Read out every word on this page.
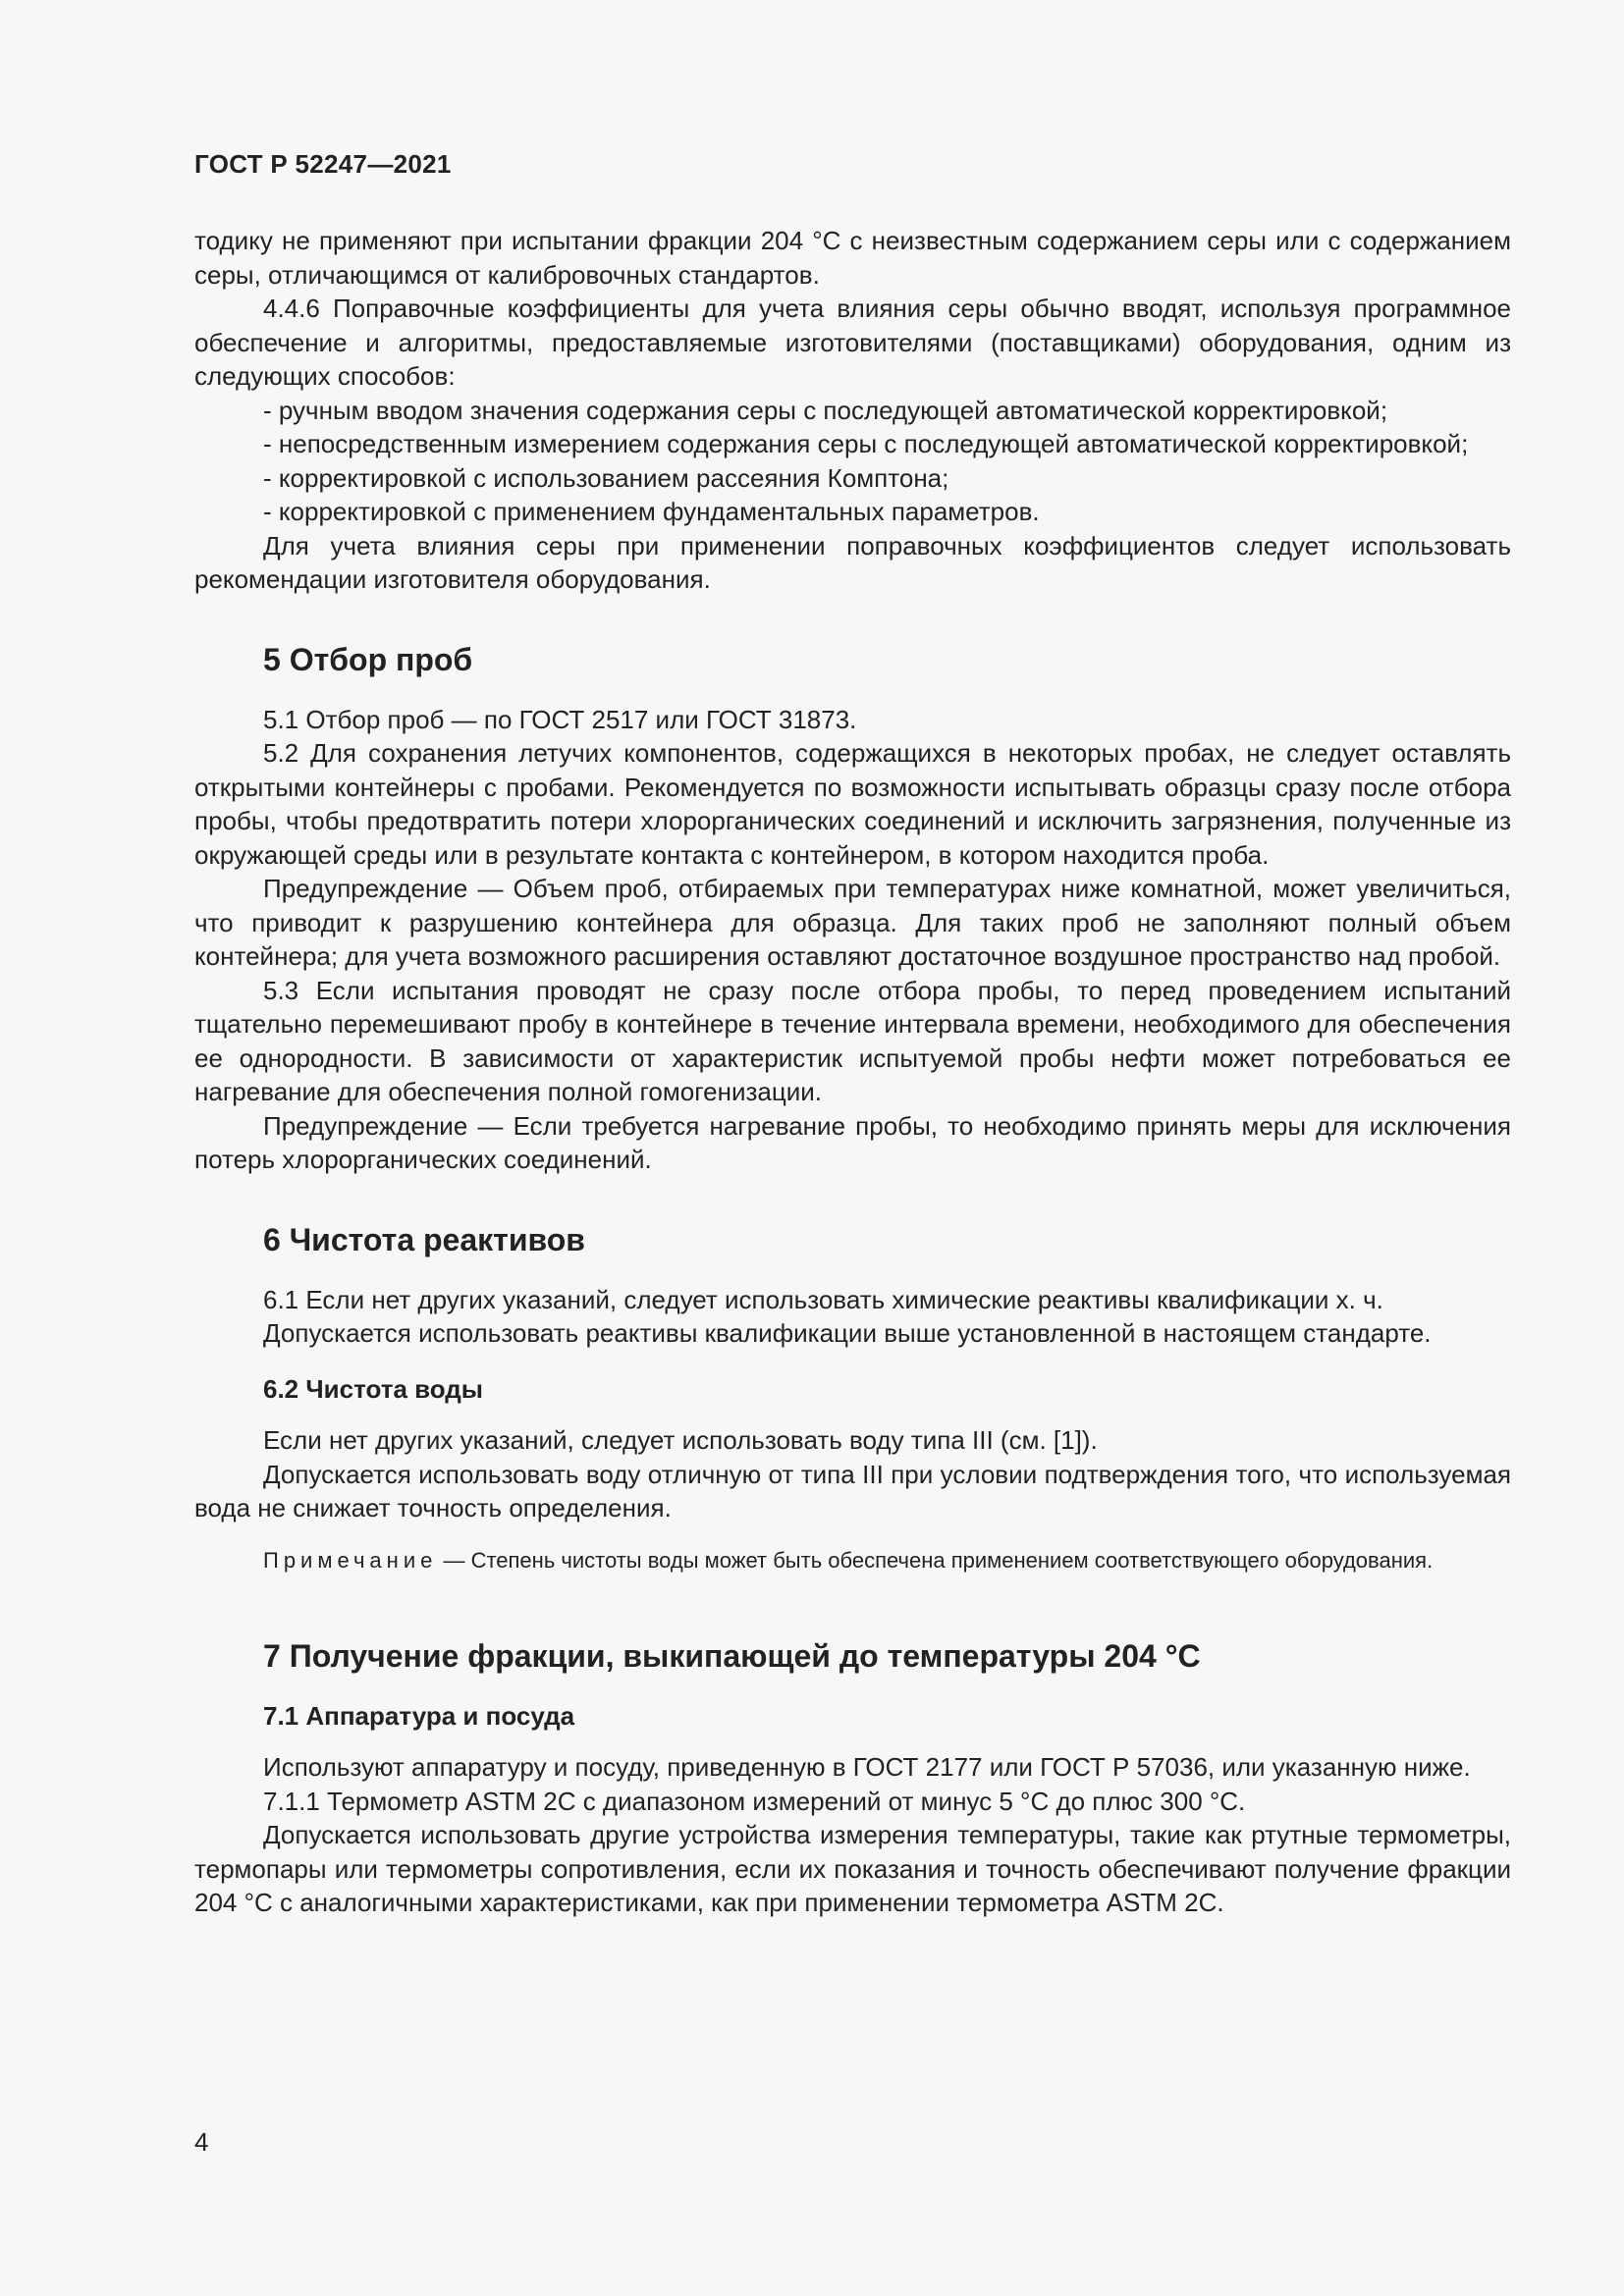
ГОСТ Р 52247—2021

тодику не применяют при испытании фракции 204 °С с неизвестным содержанием серы или с содержанием серы, отличающимся от калибровочных стандартов.

4.4.6 Поправочные коэффициенты для учета влияния серы обычно вводят, используя программное обеспечение и алгоритмы, предоставляемые изготовителями (поставщиками) оборудования, одним из следующих способов:

- ручным вводом значения содержания серы с последующей автоматической корректировкой;

- непосредственным измерением содержания серы с последующей автоматической корректировкой;

- корректировкой с использованием рассеяния Комптона;

- корректировкой с применением фундаментальных параметров.

Для учета влияния серы при применении поправочных коэффициентов следует использовать рекомендации изготовителя оборудования.

5 Отбор проб

5.1 Отбор проб — по ГОСТ 2517 или ГОСТ 31873.

5.2 Для сохранения летучих компонентов, содержащихся в некоторых пробах, не следует оставлять открытыми контейнеры с пробами. Рекомендуется по возможности испытывать образцы сразу после отбора пробы, чтобы предотвратить потери хлорорганических соединений и исключить загрязнения, полученные из окружающей среды или в результате контакта с контейнером, в котором находится проба.

Предупреждение — Объем проб, отбираемых при температурах ниже комнатной, может увеличиться, что приводит к разрушению контейнера для образца. Для таких проб не заполняют полный объем контейнера; для учета возможного расширения оставляют достаточное воздушное пространство над пробой.

5.3 Если испытания проводят не сразу после отбора пробы, то перед проведением испытаний тщательно перемешивают пробу в контейнере в течение интервала времени, необходимого для обеспечения ее однородности. В зависимости от характеристик испытуемой пробы нефти может потребоваться ее нагревание для обеспечения полной гомогенизации.

Предупреждение — Если требуется нагревание пробы, то необходимо принять меры для исключения потерь хлорорганических соединений.

6 Чистота реактивов

6.1 Если нет других указаний, следует использовать химические реактивы квалификации х. ч.

Допускается использовать реактивы квалификации выше установленной в настоящем стандарте.

6.2 Чистота воды

Если нет других указаний, следует использовать воду типа III (см. [1]).

Допускается использовать воду отличную от типа III при условии подтверждения того, что используемая вода не снижает точность определения.

Примечание — Степень чистоты воды может быть обеспечена применением соответствующего оборудования.

7 Получение фракции, выкипающей до температуры 204 °С

7.1 Аппаратура и посуда

Используют аппаратуру и посуду, приведенную в ГОСТ 2177 или ГОСТ Р 57036, или указанную ниже.

7.1.1 Термометр ASTM 2C с диапазоном измерений от минус 5 °С до плюс 300 °С.

Допускается использовать другие устройства измерения температуры, такие как ртутные термометры, термопары или термометры сопротивления, если их показания и точность обеспечивают получение фракции 204 °С с аналогичными характеристиками, как при применении термометра ASTM 2C.

4
